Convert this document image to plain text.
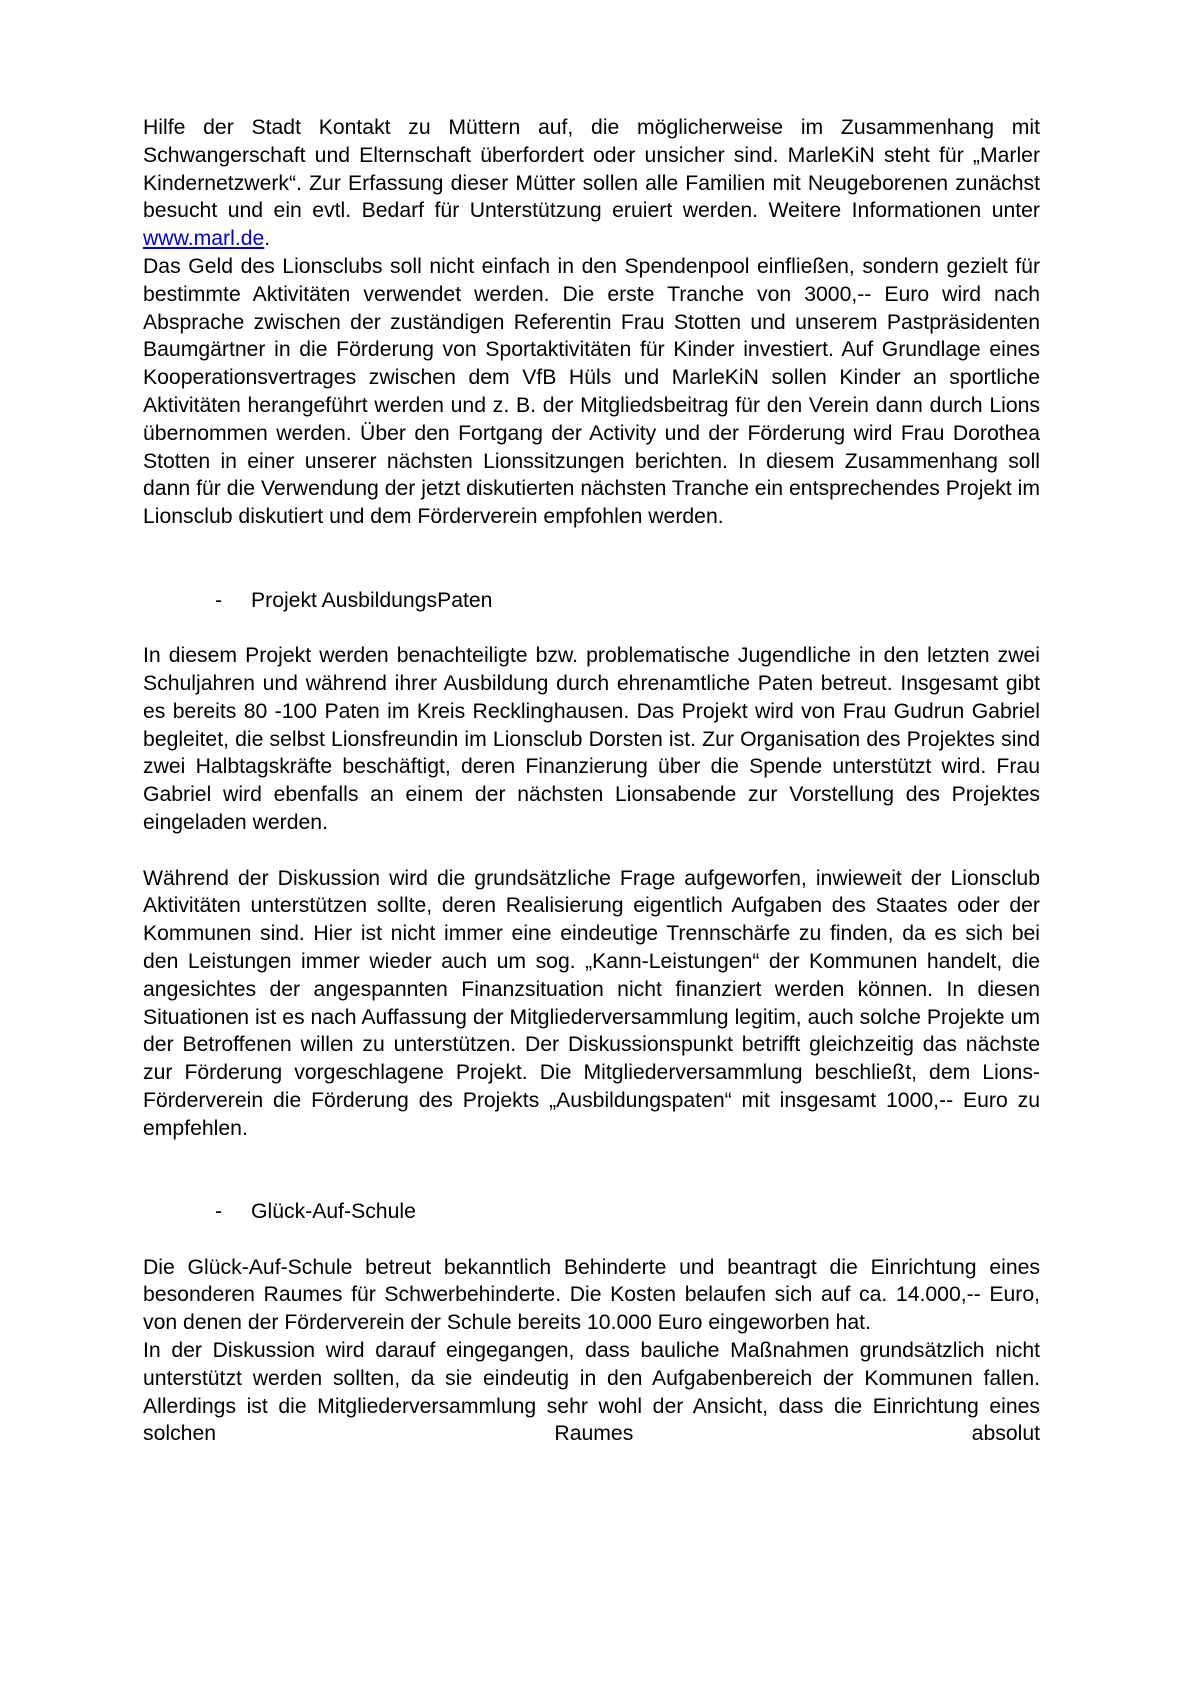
Hilfe der Stadt Kontakt zu Müttern auf, die möglicherweise im Zusammenhang mit Schwangerschaft und Elternschaft überfordert oder unsicher sind. MarleKiN steht für „Marler Kindernetzwerk“. Zur Erfassung dieser Mütter sollen alle Familien mit Neugeborenen zunächst besucht und ein evtl. Bedarf für Unterstützung eruiert werden. Weitere Informationen unter www.marl.de.

Das Geld des Lionsclubs soll nicht einfach in den Spendenpool einfließen, sondern gezielt für bestimmte Aktivitäten verwendet werden. Die erste Tranche von 3000,-- Euro wird nach Absprache zwischen der zuständigen Referentin Frau Stotten und unserem Pastpräsidenten Baumgärtner in die Förderung von Sportaktivitäten für Kinder investiert. Auf Grundlage eines Kooperationsvertrages zwischen dem VfB Hüls und MarleKiN sollen Kinder an sportliche Aktivitäten herangeführt werden und z. B. der Mitgliedsbeitrag für den Verein dann durch Lions übernommen werden. Über den Fortgang der Activity und der Förderung wird Frau Dorothea Stotten in einer unserer nächsten Lionssitzungen berichten. In diesem Zusammenhang soll dann für die Verwendung der jetzt diskutierten nächsten Tranche ein entsprechendes Projekt im Lionsclub diskutiert und dem Förderverein empfohlen werden.

- Projekt AusbildungsPaten

In diesem Projekt werden benachteiligte bzw. problematische Jugendliche in den letzten zwei Schuljahren und während ihrer Ausbildung durch ehrenamtliche Paten betreut. Insgesamt gibt es bereits 80 -100 Paten im Kreis Recklinghausen. Das Projekt wird von Frau Gudrun Gabriel begleitet, die selbst Lionsfreundin im Lionsclub Dorsten ist. Zur Organisation des Projektes sind zwei Halbtagskräfte beschäftigt, deren Finanzierung über die Spende unterstützt wird. Frau Gabriel wird ebenfalls an einem der nächsten Lionsabende zur Vorstellung des Projektes eingeladen werden.

Während der Diskussion wird die grundsätzliche Frage aufgeworfen, inwieweit der Lionsclub Aktivitäten unterstützen sollte, deren Realisierung eigentlich Aufgaben des Staates oder der Kommunen sind. Hier ist nicht immer eine eindeutige Trennschärfe zu finden, da es sich bei den Leistungen immer wieder auch um sog. „Kann-Leistungen“ der Kommunen handelt, die angesichtes der angespannten Finanzsituation nicht finanziert werden können. In diesen Situationen ist es nach Auffassung der Mitgliederversammlung legitim, auch solche Projekte um der Betroffenen willen zu unterstützen. Der Diskussionspunkt betrifft gleichzeitig das nächste zur Förderung vorgeschlagene Projekt. Die Mitgliederversammlung beschließt, dem Lions-Förderverein die Förderung des Projekts „Ausbildungspaten“ mit insgesamt 1000,-- Euro zu empfehlen.

- Glück-Auf-Schule

Die Glück-Auf-Schule betreut bekanntlich Behinderte und beantragt die Einrichtung eines besonderen Raumes für Schwerbehinderte. Die Kosten belaufen sich auf ca. 14.000,-- Euro, von denen der Förderverein der Schule bereits 10.000 Euro eingeworben hat.

In der Diskussion wird darauf eingegangen, dass bauliche Maßnahmen grundsätzlich nicht unterstützt werden sollten, da sie eindeutig in den Aufgabenbereich der Kommunen fallen. Allerdings ist die Mitgliederversammlung sehr wohl der Ansicht, dass die Einrichtung eines solchen Raumes absolut
